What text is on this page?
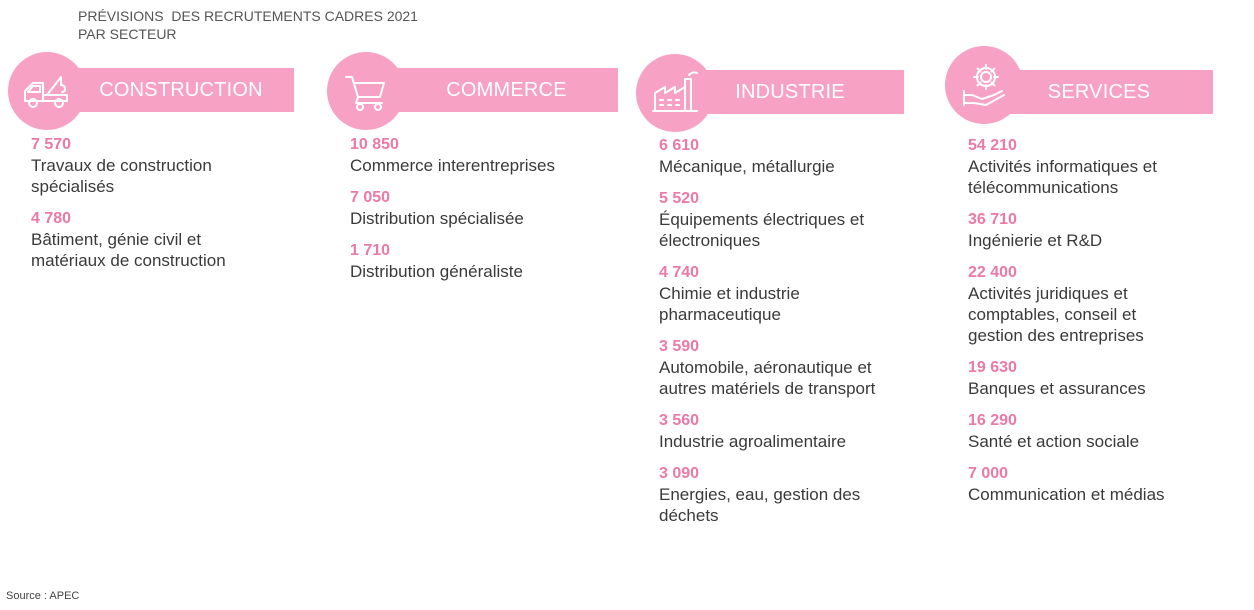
PRÉVISIONS  DES RECRUTEMENTS CADRES 2021
PAR SECTEUR
CONSTRUCTION
7 570
Travaux de construction
spécialisés
4 780
Bâtiment, génie civil et
matériaux de construction
COMMERCE
10 850
Commerce interentreprises
7 050
Distribution spécialisée
1 710
Distribution généraliste
INDUSTRIE
6 610
Mécanique, métallurgie
5 520
Équipements électriques et
électroniques
4 740
Chimie et industrie
pharmaceutique
3 590
Automobile, aéronautique et
autres matériels de transport
3 560
Industrie agroalimentaire
3 090
Energies, eau, gestion des
déchets
SERVICES
54 210
Activités informatiques et
télécommunications
36 710
Ingénierie et R&D
22 400
Activités juridiques et
comptables, conseil et
gestion des entreprises
19 630
Banques et assurances
16 290
Santé et action sociale
7 000
Communication et médias
Source : APEC
